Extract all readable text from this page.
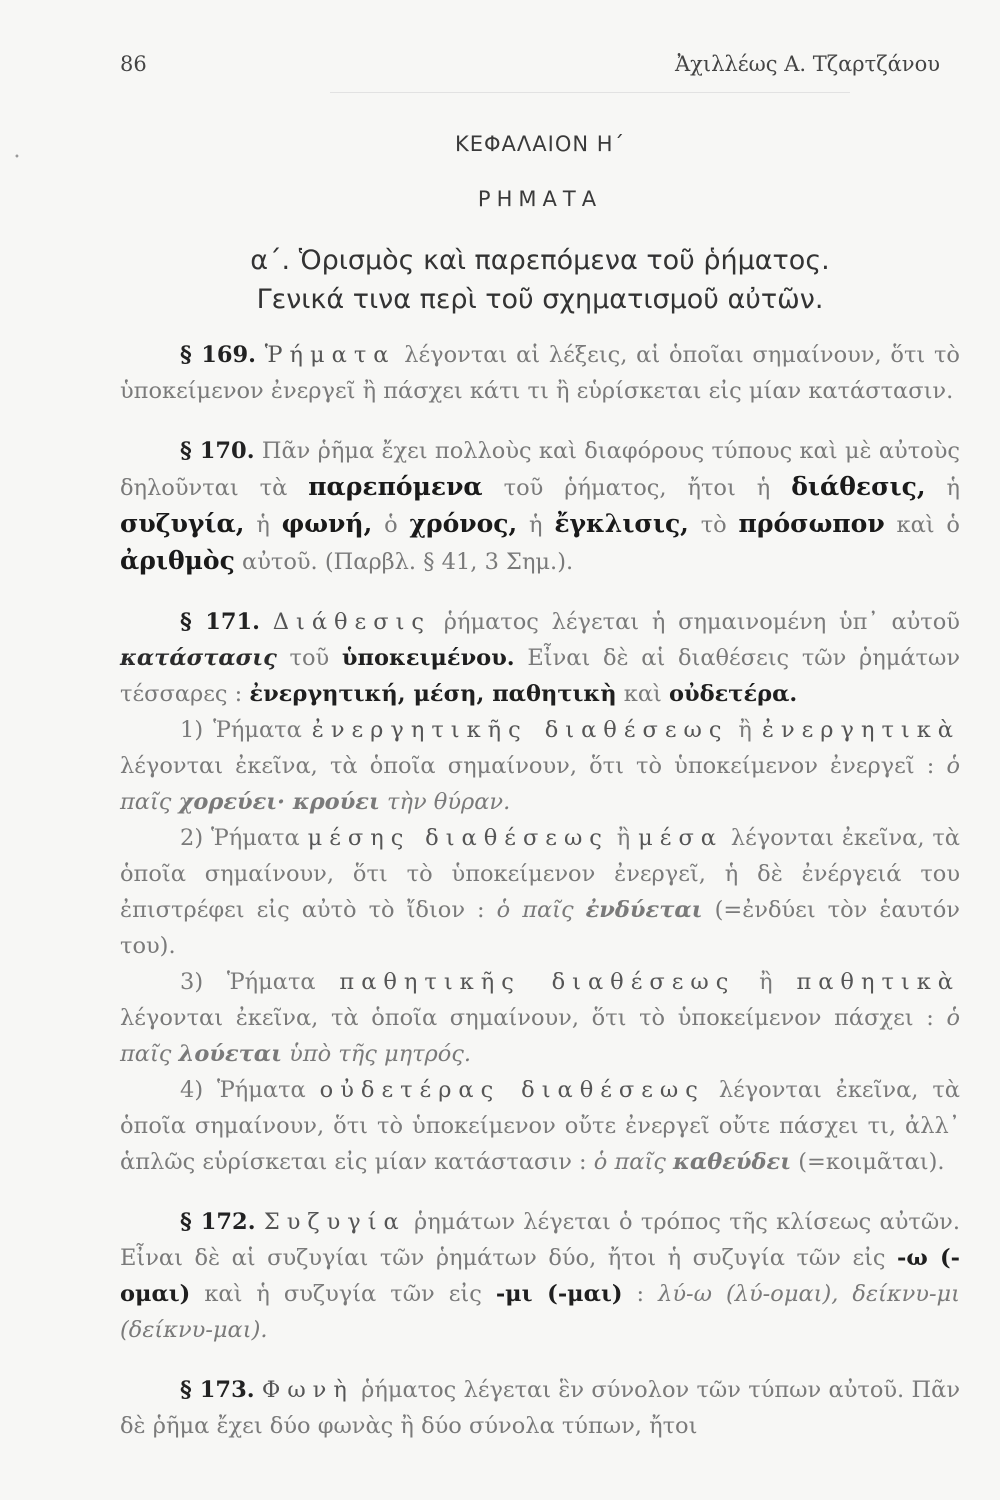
86	Ἀχιλλέως Α. Τζαρτζάνου
•
ΚΕΦΑΛΑΙΟΝ Η΄
ΡΗΜΑΤΑ
α΄. Ὁρισμὸς καὶ παρεπόμενα τοῦ ῥήματος.
Γενικά τινα περὶ τοῦ σχηματισμοῦ αὐτῶν.

§ 169. Ῥήματα λέγονται αἱ λέξεις, αἱ ὁποῖαι σημαίνουν, ὅτι τὸ ὑποκείμενον ἐνεργεῖ ἢ πάσχει κάτι τι ἢ εὑρίσκεται εἰς μίαν κατάστασιν.

§ 170. Πᾶν ῥῆμα ἔχει πολλοὺς καὶ διαφόρους τύπους καὶ μὲ αὐτοὺς δηλοῦνται τὰ παρεπόμενα τοῦ ῥήματος, ἤτοι ἡ διάθεσις, ἡ συζυγία, ἡ φωνή, ὁ χρόνος, ἡ ἔγκλισις, τὸ πρόσωπον καὶ ὁ ἀριθμὸς αὐτοῦ. (Παρβλ. § 41, 3 Σημ.).

§ 171. Διάθεσις ῥήματος λέγεται ἡ σημαινομένη ὑπ᾽ αὐτοῦ κατάστασις τοῦ ὑποκειμένου. Εἶναι δὲ αἱ διαθέσεις τῶν ῥημάτων τέσσαρες : ἐνεργητική, μέση, παθητικὴ καὶ οὐδετέρα.

1) Ῥήματα ἐνεργητικῆς διαθέσεως ἢ ἐνεργητικὰ λέγονται ἐκεῖνα, τὰ ὁποῖα σημαίνουν, ὅτι τὸ ὑποκείμενον ἐνεργεῖ : ὁ παῖς χορεύει· κρούει τὴν θύραν.

2) Ῥήματα μέσης διαθέσεως ἢ μέσα λέγονται ἐκεῖνα, τὰ ὁποῖα σημαίνουν, ὅτι τὸ ὑποκείμενον ἐνεργεῖ, ἡ δὲ ἐνέργειά του ἐπιστρέφει εἰς αὐτὸ τὸ ἴδιον : ὁ παῖς ἐνδύεται (=ἐνδύει τὸν ἑαυτόν του).

3) Ῥήματα παθητικῆς διαθέσεως ἢ παθητικὰ λέγονται ἐκεῖνα, τὰ ὁποῖα σημαίνουν, ὅτι τὸ ὑποκείμενον πάσχει : ὁ παῖς λούεται ὑπὸ τῆς μητρός.

4) Ῥήματα οὐδετέρας διαθέσεως λέγονται ἐκεῖνα, τὰ ὁποῖα σημαίνουν, ὅτι τὸ ὑποκείμενον οὔτε ἐνεργεῖ οὔτε πάσχει τι, ἀλλ᾽ ἁπλῶς εὑρίσκεται εἰς μίαν κατάστασιν : ὁ παῖς καθεύδει (=κοιμᾶται).

§ 172. Συζυγία ῥημάτων λέγεται ὁ τρόπος τῆς κλίσεως αὐτῶν. Εἶναι δὲ αἱ συζυγίαι τῶν ῥημάτων δύο, ἤτοι ἡ συζυγία τῶν εἰς -ω (-ομαι) καὶ ἡ συζυγία τῶν εἰς -μι (-μαι) : λύ-ω (λύ-ομαι), δείκνυ-μι (δείκνυ-μαι).

§ 173. Φωνὴ ῥήματος λέγεται ἓν σύνολον τῶν τύπων αὐτοῦ. Πᾶν δὲ ῥῆμα ἔχει δύο φωνὰς ἢ δύο σύνολα τύπων, ἤτοι
